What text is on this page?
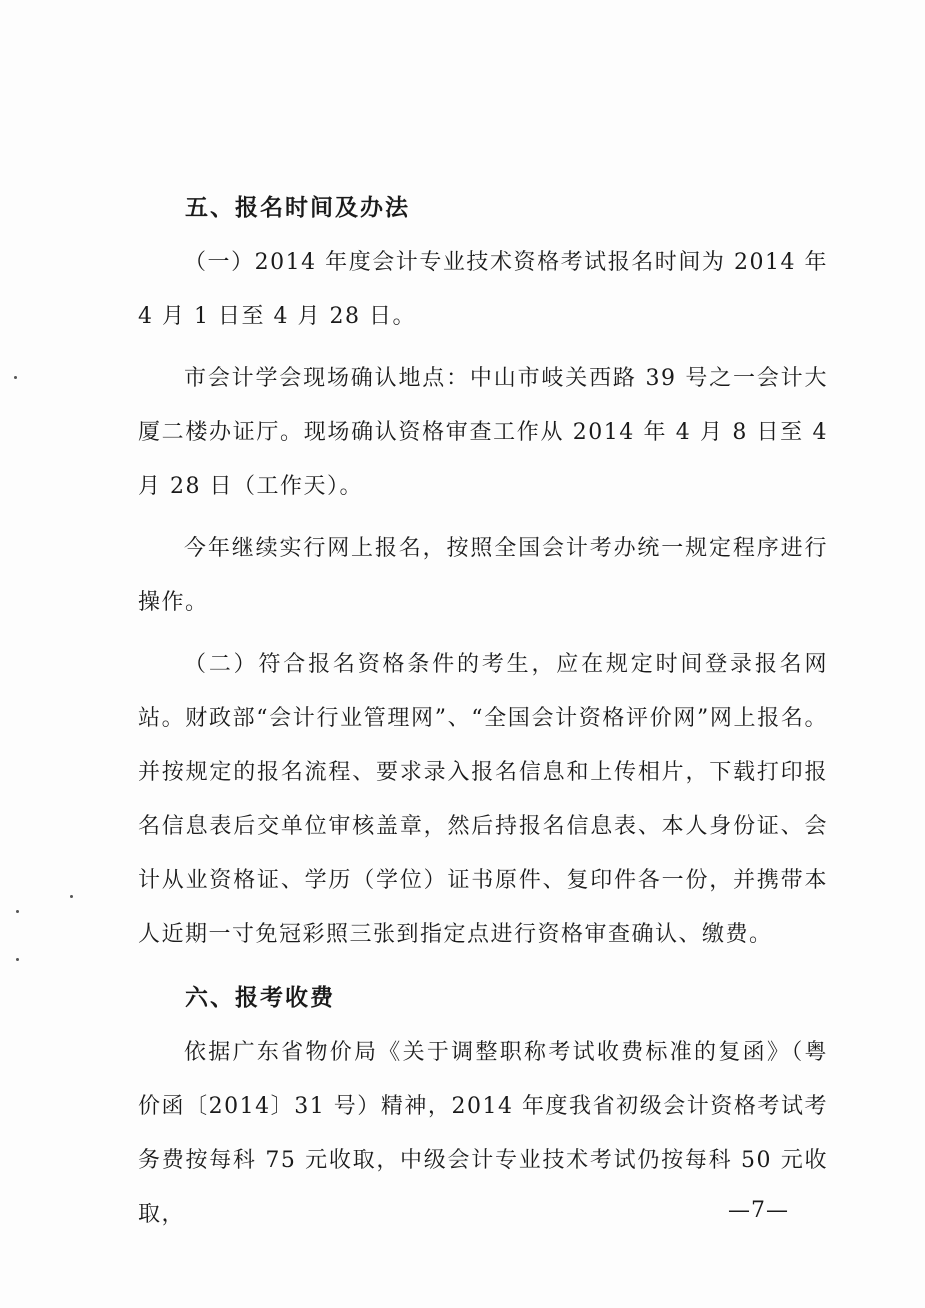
五、报名时间及办法

（一）2014 年度会计专业技术资格考试报名时间为 2014 年 4 月 1 日至 4 月 28 日。

市会计学会现场确认地点：中山市岐关西路 39 号之一会计大厦二楼办证厅。现场确认资格审查工作从 2014 年 4 月 8 日至 4 月 28 日（工作天）。

今年继续实行网上报名，按照全国会计考办统一规定程序进行操作。

（二）符合报名资格条件的考生，应在规定时间登录报名网站。财政部“会计行业管理网”、“全国会计资格评价网”网上报名。并按规定的报名流程、要求录入报名信息和上传相片，下载打印报名信息表后交单位审核盖章，然后持报名信息表、本人身份证、会计从业资格证、学历（学位）证书原件、复印件各一份，并携带本人近期一寸免冠彩照三张到指定点进行资格审查确认、缴费。

六、报考收费

依据广东省物价局《关于调整职称考试收费标准的复函》（粤价函〔2014〕31 号）精神，2014 年度我省初级会计资格考试考务费按每科 75 元收取，中级会计专业技术考试仍按每科 50 元收取，	—7—
